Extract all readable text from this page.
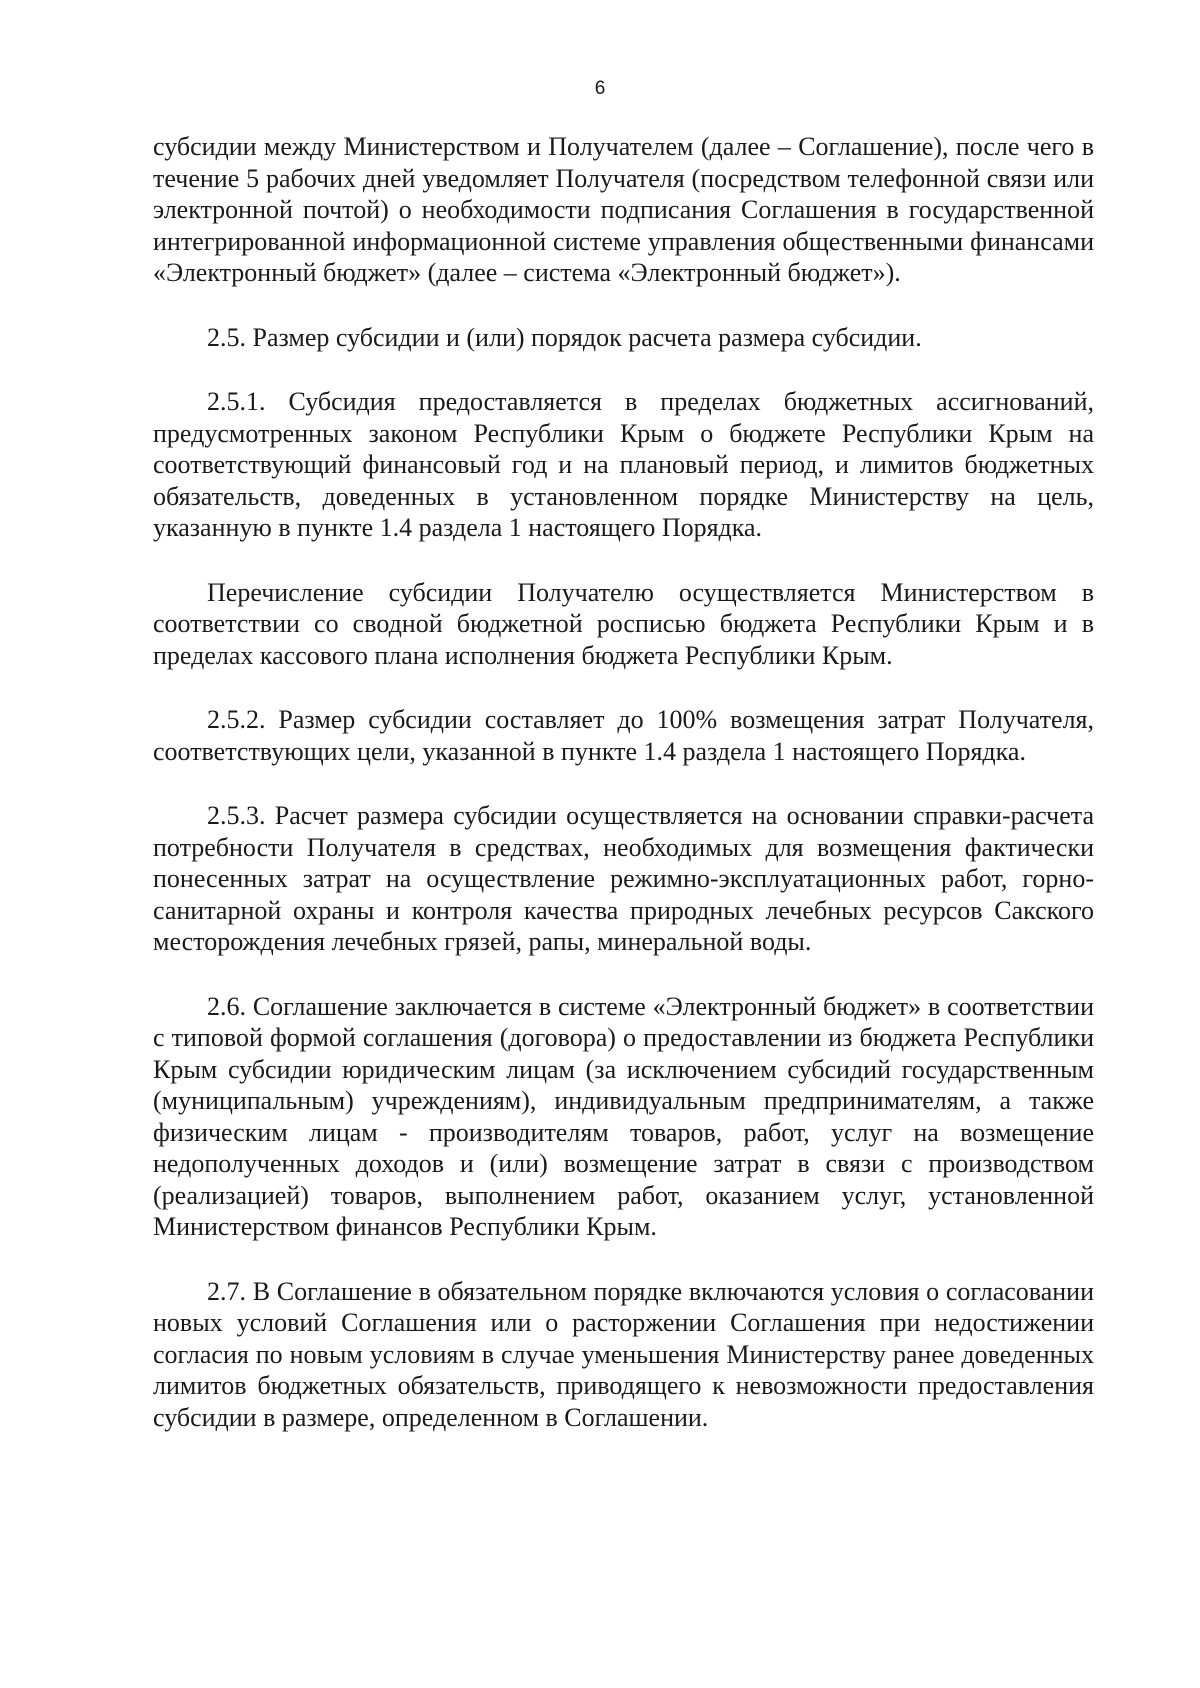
6

субсидии между Министерством и Получателем (далее – Соглашение), после чего в течение 5 рабочих дней уведомляет Получателя (посредством телефонной связи или электронной почтой) о необходимости подписания Соглашения в государственной интегрированной информационной системе управления общественными финансами «Электронный бюджет» (далее – система «Электронный бюджет»).

2.5. Размер субсидии и (или) порядок расчета размера субсидии.

2.5.1. Субсидия предоставляется в пределах бюджетных ассигнований, предусмотренных законом Республики Крым о бюджете Республики Крым на соответствующий финансовый год и на плановый период, и лимитов бюджетных обязательств, доведенных в установленном порядке Министерству на цель, указанную в пункте 1.4 раздела 1 настоящего Порядка.

Перечисление субсидии Получателю осуществляется Министерством в соответствии со сводной бюджетной росписью бюджета Республики Крым и в пределах кассового плана исполнения бюджета Республики Крым.

2.5.2. Размер субсидии составляет до 100% возмещения затрат Получателя, соответствующих цели, указанной в пункте 1.4 раздела 1 настоящего Порядка.

2.5.3. Расчет размера субсидии осуществляется на основании справки-расчета потребности Получателя в средствах, необходимых для возмещения фактически понесенных затрат на осуществление режимно-эксплуатационных работ, горно-санитарной охраны и контроля качества природных лечебных ресурсов Сакского месторождения лечебных грязей, рапы, минеральной воды.

2.6. Соглашение заключается в системе «Электронный бюджет» в соответствии с типовой формой соглашения (договора) о предоставлении из бюджета Республики Крым субсидии юридическим лицам (за исключением субсидий государственным (муниципальным) учреждениям), индивидуальным предпринимателям, а также физическим лицам - производителям товаров, работ, услуг на возмещение недополученных доходов и (или) возмещение затрат в связи с производством (реализацией) товаров, выполнением работ, оказанием услуг, установленной Министерством финансов Республики Крым.

2.7. В Соглашение в обязательном порядке включаются условия о согласовании новых условий Соглашения или о расторжении Соглашения при недостижении согласия по новым условиям в случае уменьшения Министерству ранее доведенных лимитов бюджетных обязательств, приводящего к невозможности предоставления субсидии в размере, определенном в Соглашении.
